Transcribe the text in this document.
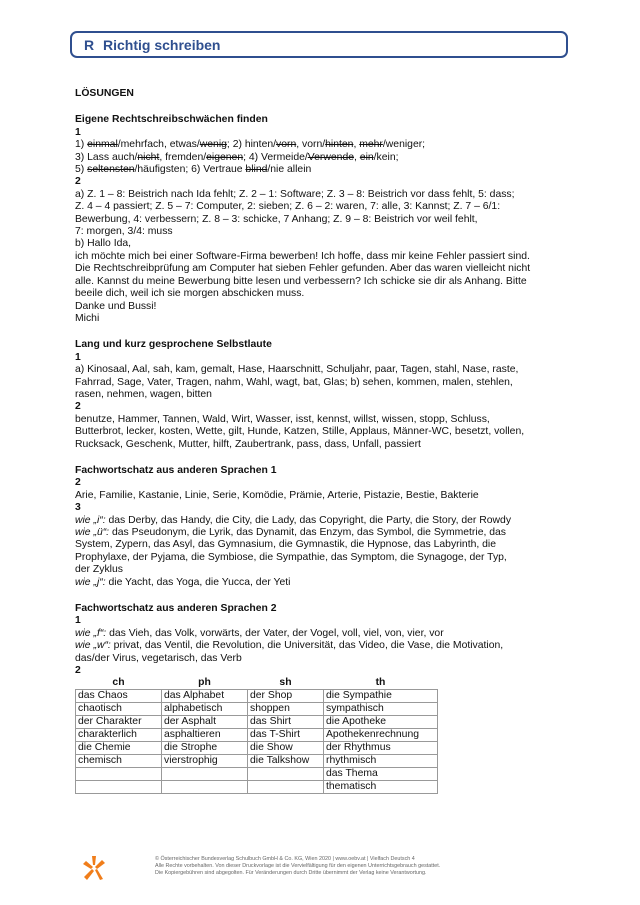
R Richtig schreiben

LÖSUNGEN

Eigene Rechtschreibschwächen finden

1

1) einmal/mehrfach, etwas/wenig; 2) hinten/vorn, vorn/hinten, mehr/weniger;

3) Lass auch/nicht, fremden/eigenen; 4) Vermeide/Verwende, ein/kein;

5) seltensten/häufigsten; 6) Vertraue blind/nie allein

2

a) Z. 1 – 8: Beistrich nach Ida fehlt; Z. 2 – 1: Software; Z. 3 – 8: Beistrich vor dass fehlt, 5: dass;

Z. 4 – 4 passiert; Z. 5 – 7: Computer, 2: sieben; Z. 6 – 2: waren, 7: alle, 3: Kannst; Z. 7 – 6/1:

Bewerbung, 4: verbessern; Z. 8 – 3: schicke, 7 Anhang; Z. 9 – 8: Beistrich vor weil fehlt,

7: morgen, 3/4: muss

b) Hallo Ida,

ich möchte mich bei einer Software-Firma bewerben! Ich hoffe, dass mir keine Fehler passiert sind.

Die Rechtschreibprüfung am Computer hat sieben Fehler gefunden. Aber das waren vielleicht nicht

alle. Kannst du meine Bewerbung bitte lesen und verbessern? Ich schicke sie dir als Anhang. Bitte

beeile dich, weil ich sie morgen abschicken muss.

Danke und Bussi!

Michi

Lang und kurz gesprochene Selbstlaute

1

a) Kinosaal, Aal, sah, kam, gemalt, Hase, Haarschnitt, Schuljahr, paar, Tagen, stahl, Nase, raste,

Fahrrad, Sage, Vater, Tragen, nahm, Wahl, wagt, bat, Glas; b) sehen, kommen, malen, stehlen,

rasen, nehmen, wagen, bitten

2

benutze, Hammer, Tannen, Wald, Wirt, Wasser, isst, kennst, willst, wissen, stopp, Schluss,

Butterbrot, lecker, kosten, Wette, gilt, Hunde, Katzen, Stille, Applaus, Männer-WC, besetzt, vollen,

Rucksack, Geschenk, Mutter, hilft, Zaubertrank, pass, dass, Unfall, passiert

Fachwortschatz aus anderen Sprachen 1

2

Arie, Familie, Kastanie, Linie, Serie, Komödie, Prämie, Arterie, Pistazie, Bestie, Bakterie

3

wie „i“: das Derby, das Handy, die City, die Lady, das Copyright, die Party, die Story, der Rowdy

wie „ü“: das Pseudonym, die Lyrik, das Dynamit, das Enzym, das Symbol, die Symmetrie, das

System, Zypern, das Asyl, das Gymnasium, die Gymnastik, die Hypnose, das Labyrinth, die

Prophylaxe, der Pyjama, die Symbiose, die Sympathie, das Symptom, die Synagoge, der Typ,

der Zyklus

wie „j“: die Yacht, das Yoga, die Yucca, der Yeti

Fachwortschatz aus anderen Sprachen 2

1

wie „f“: das Vieh, das Volk, vorwärts, der Vater, der Vogel, voll, viel, von, vier, vor

wie „w“: privat, das Ventil, die Revolution, die Universität, das Video, die Vase, die Motivation,

das/der Virus, vegetarisch, das Verb

2

ch	ph	sh	th
das Chaos	das Alphabet	der Shop	die Sympathie
chaotisch	alphabetisch	shoppen	sympathisch
der Charakter	der Asphalt	das Shirt	die Apotheke
charakterlich	asphaltieren	das T-Shirt	Apothekenrechnung
die Chemie	die Strophe	die Show	der Rhythmus
chemisch	vierstrophig	die Talkshow	rhythmisch
			das Thema
			thematisch
© Österreichischer Bundesverlag Schulbuch GmbH & Co. KG, Wien 2020 | www.oebv.at | Vielfach Deutsch 4
Alle Rechte vorbehalten. Von dieser Druckvorlage ist die Vervielfältigung für den eigenen Unterrichtsgebrauch gestattet.
Die Kopiergebühren sind abgegolten. Für Veränderungen durch Dritte übernimmt der Verlag keine Verantwortung.
